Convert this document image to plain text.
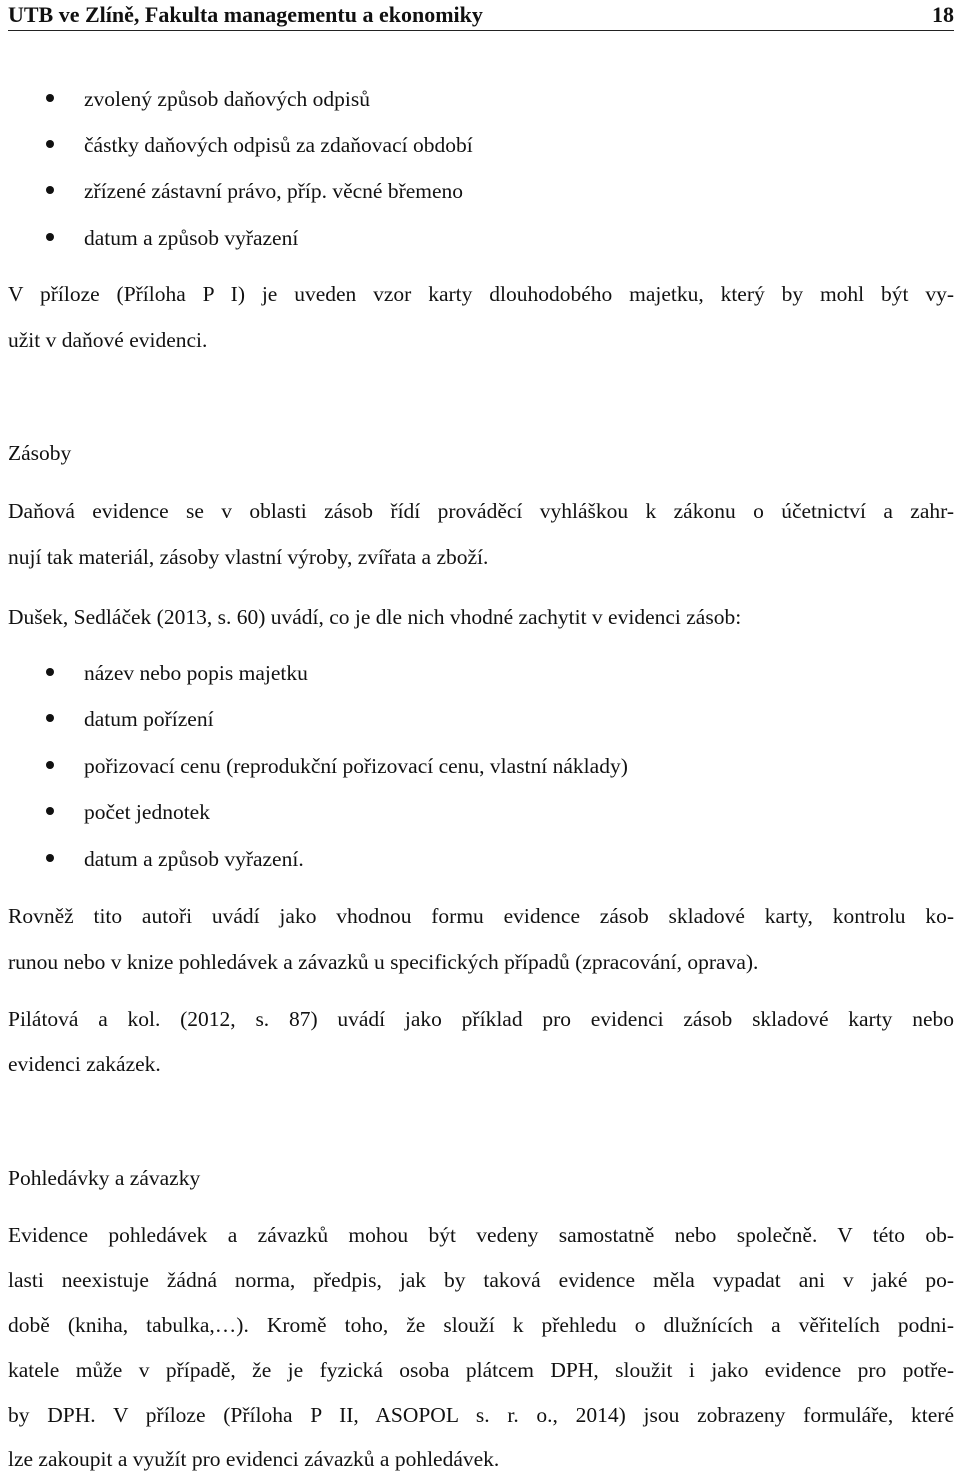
UTB ve Zlíně, Fakulta managementu a ekonomiky	18
zvolený způsob daňových odpisů
částky daňových odpisů za zdaňovací období
zřízené zástavní právo, příp. věcné břemeno
datum a způsob vyřazení
V příloze (Příloha P I) je uveden vzor karty dlouhodobého majetku, který by mohl být vy-
užit v daňové evidenci.
Zásoby
Daňová evidence se v oblasti zásob řídí prováděcí vyhláškou k zákonu o účetnictví a zahr-
nují tak materiál, zásoby vlastní výroby, zvířata a zboží.
Dušek, Sedláček (2013, s. 60) uvádí, co je dle nich vhodné zachytit v evidenci zásob:
název nebo popis majetku
datum pořízení
pořizovací cenu (reprodukční pořizovací cenu, vlastní náklady)
počet jednotek
datum a způsob vyřazení.
Rovněž tito autoři uvádí jako vhodnou formu evidence zásob skladové karty, kontrolu ko-
runou nebo v knize pohledávek a závazků u specifických případů (zpracování, oprava).
Pilátová a kol. (2012, s. 87) uvádí jako příklad pro evidenci zásob skladové karty nebo
evidenci zakázek.
Pohledávky a závazky
Evidence pohledávek a závazků mohou být vedeny samostatně nebo společně. V této ob-
lasti neexistuje žádná norma, předpis, jak by taková evidence měla vypadat ani v jaké po-
době (kniha, tabulka,…). Kromě toho, že slouží k přehledu o dlužnících a věřitelích podni-
katele může v případě, že je fyzická osoba plátcem DPH, sloužit i jako evidence pro potře-
by DPH. V příloze (Příloha P II, ASOPOL s. r. o., 2014) jsou zobrazeny formuláře, které
lze zakoupit a využít pro evidenci závazků a pohledávek.
